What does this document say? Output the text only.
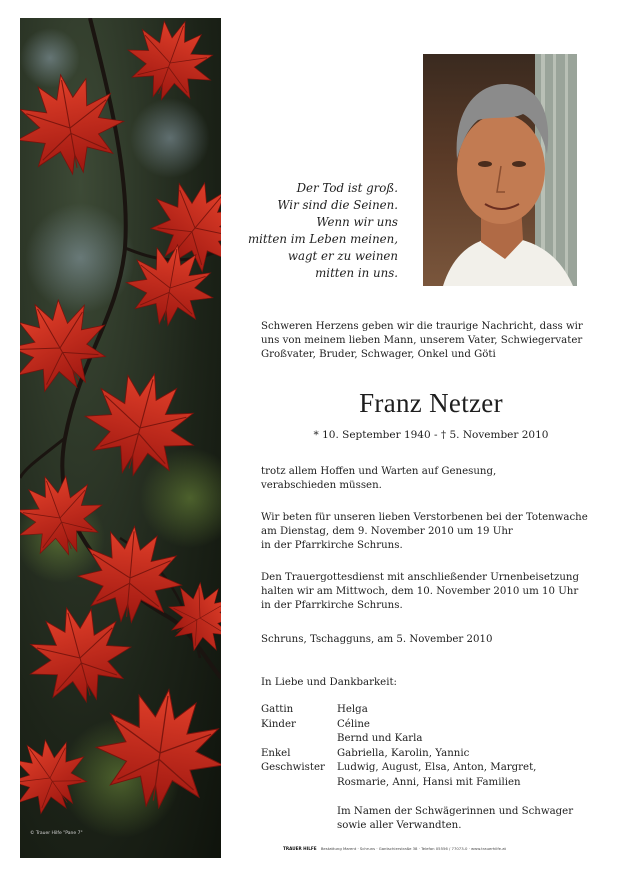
© Trauer Hilfe "Pane 7"
Der Tod ist groß.
Wir sind die Seinen.
Wenn wir uns
mitten im Leben meinen,
wagt er zu weinen
mitten in uns.
Schweren Herzens geben wir die traurige Nachricht, dass wir
uns von meinem lieben Mann, unserem Vater, Schwiegervater
Großvater, Bruder, Schwager, Onkel und Göti
Franz Netzer
* 10. September 1940 - † 5. November 2010
trotz allem Hoffen und Warten auf Genesung,
verabschieden müssen.
Wir beten für unseren lieben Verstorbenen bei der Totenwache
am Dienstag, dem 9. November 2010 um 19 Uhr
in der Pfarrkirche Schruns.
Den Trauergottesdienst mit anschließender Urnenbeisetzung
halten wir am Mittwoch, dem 10. November 2010 um 10 Uhr
in der Pfarrkirche Schruns.
Schruns, Tschagguns, am 5. November 2010
In Liebe und Dankbarkeit:
Gattin	Helga
Kinder	Céline
Bernd und Karla
Enkel	Gabriella, Karolin, Yannic
Geschwister	Ludwig, August, Elsa, Anton, Margret,
Rosmarie, Anni, Hansi mit Familien
Im Namen der Schwägerinnen und Schwager
sowie aller Verwandten.
TRAUER HILFE Bestattung Marent · Schruns · Gantschierstraße 38 · Telefon 05556 / 77073-0 · www.trauerhilfe.at
